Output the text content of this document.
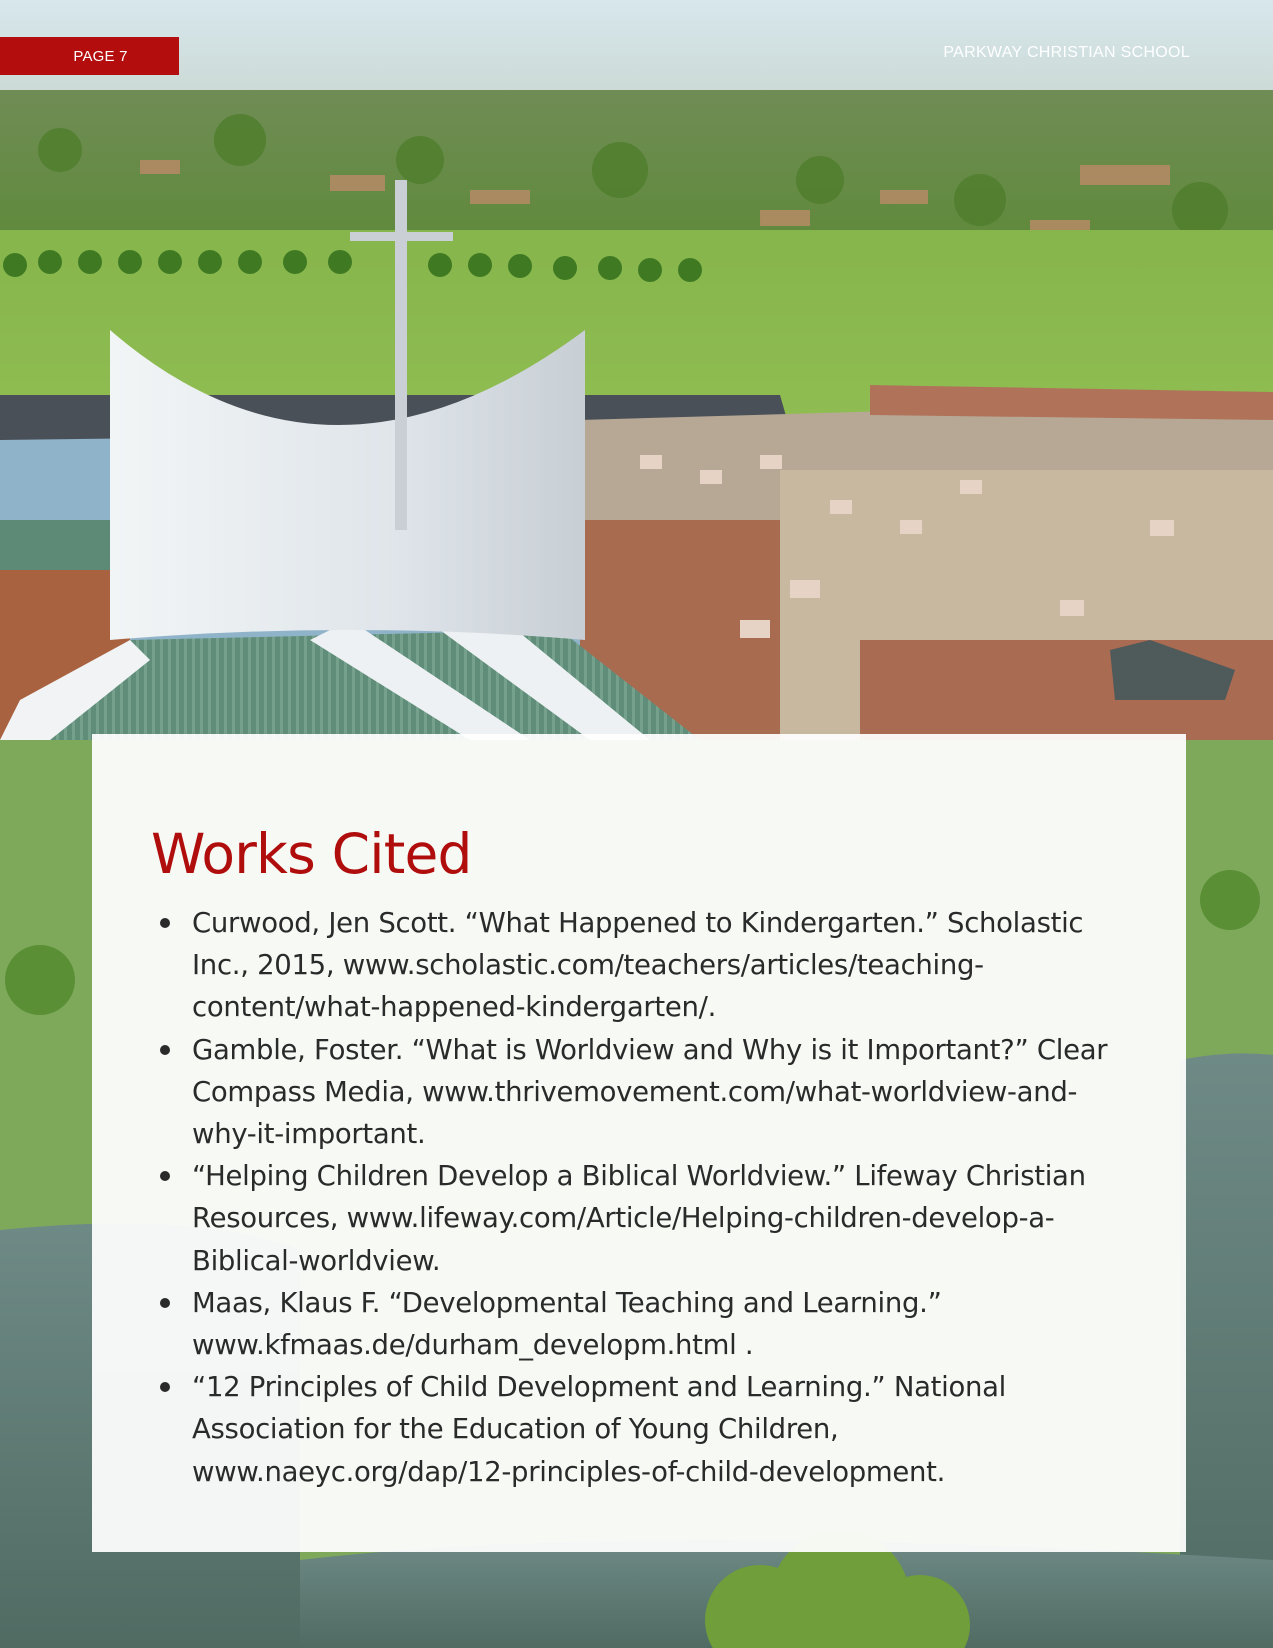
PAGE 7	PARKWAY CHRISTIAN SCHOOL
Works Cited
Curwood, Jen Scott. “What Happened to Kindergarten.” Scholastic Inc., 2015, www.scholastic.com/teachers/articles/teaching-content/what-happened-kindergarten/.
Gamble, Foster. “What is Worldview and Why is it Important?” Clear Compass Media, www.thrivemovement.com/what-worldview-and-why-it-important.
“Helping Children Develop a Biblical Worldview.” Lifeway Christian Resources, www.lifeway.com/Article/Helping-children-develop-a-Biblical-worldview.
Maas, Klaus F. “Developmental Teaching and Learning.” www.kfmaas.de/durham_developm.html .
“12 Principles of Child Development and Learning.” National Association for the Education of Young Children, www.naeyc.org/dap/12-principles-of-child-development.
